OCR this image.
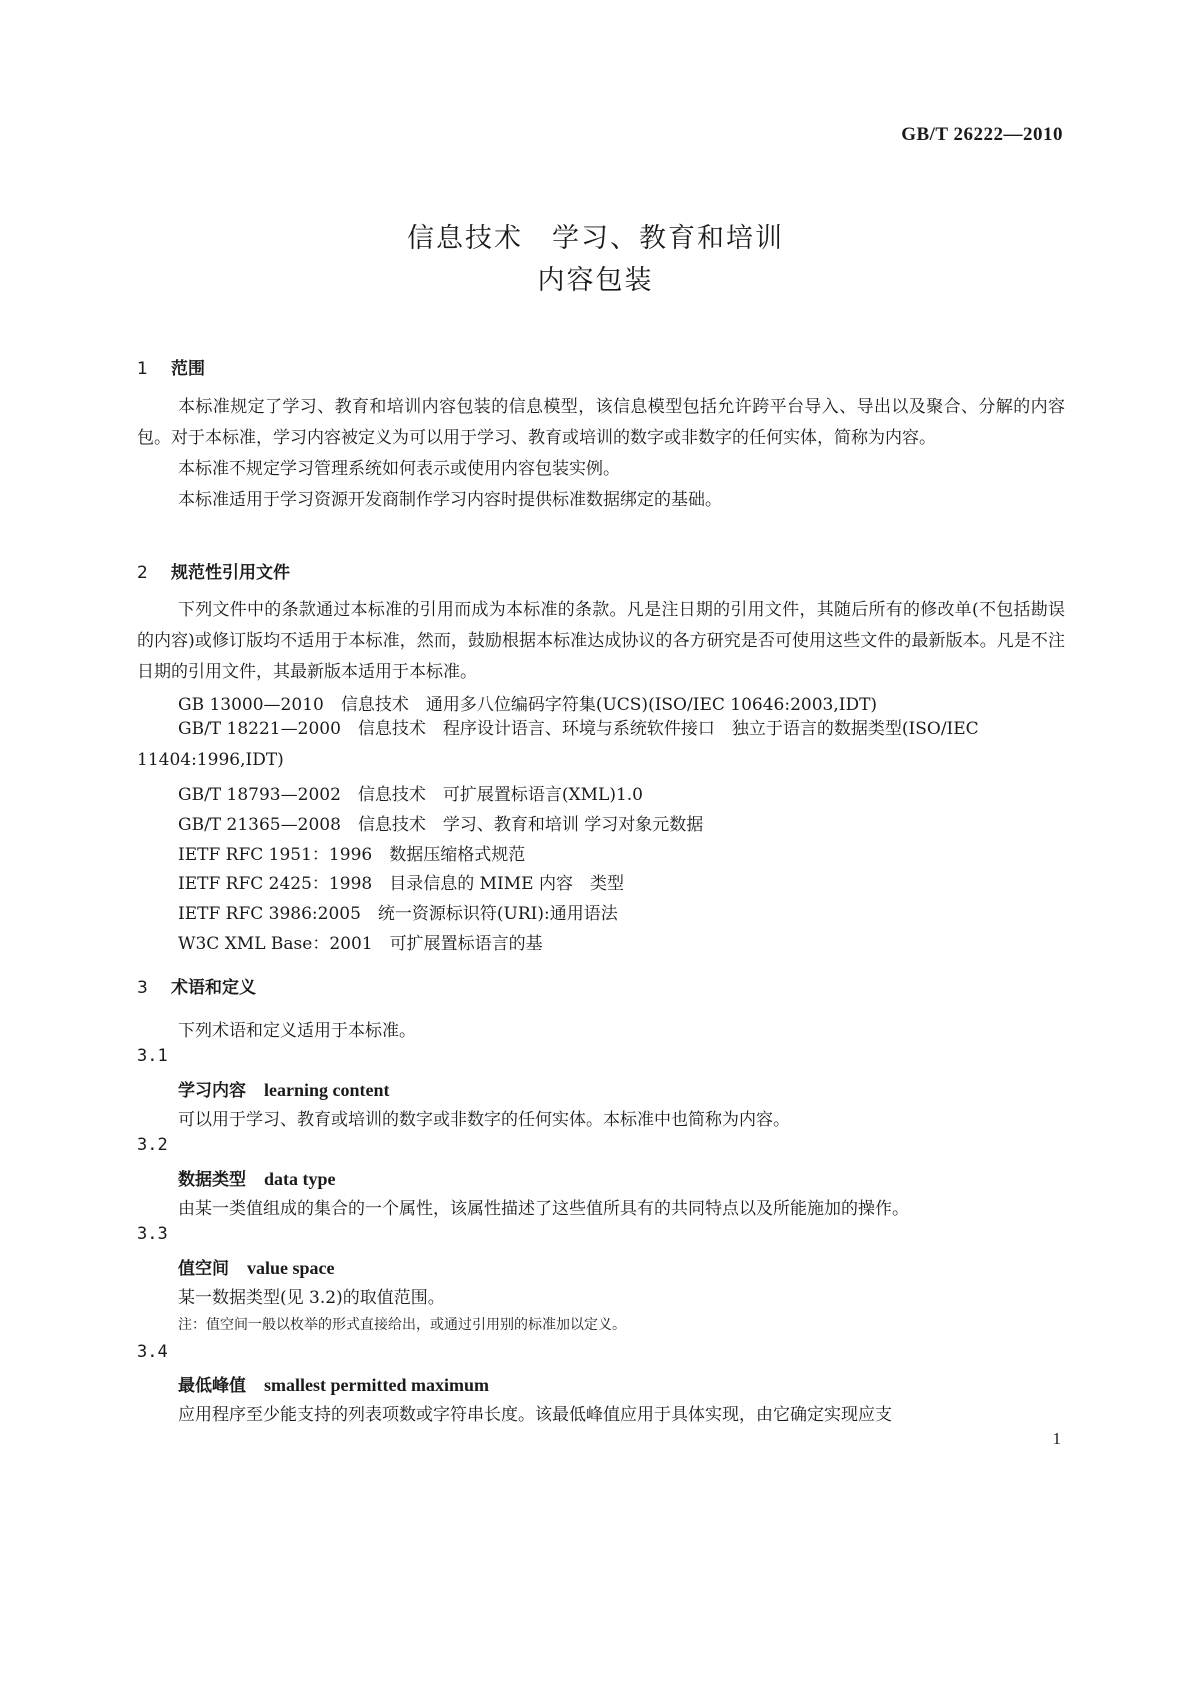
GB/T 26222—2010
信息技术　学习、教育和培训
内容包装
1 范围

本标准规定了学习、教育和培训内容包装的信息模型，该信息模型包括允许跨平台导入、导出以及聚合、分解的内容包。对于本标准，学习内容被定义为可以用于学习、教育或培训的数字或非数字的任何实体，简称为内容。

本标准不规定学习管理系统如何表示或使用内容包装实例。

本标准适用于学习资源开发商制作学习内容时提供标准数据绑定的基础。

2 规范性引用文件

下列文件中的条款通过本标准的引用而成为本标准的条款。凡是注日期的引用文件，其随后所有的修改单(不包括勘误的内容)或修订版均不适用于本标准，然而，鼓励根据本标准达成协议的各方研究是否可使用这些文件的最新版本。凡是不注日期的引用文件，其最新版本适用于本标准。

GB 13000—2010　信息技术　通用多八位编码字符集(UCS)(ISO/IEC 10646:2003,IDT)

GB/T 18221—2000　信息技术　程序设计语言、环境与系统软件接口　独立于语言的数据类型(ISO/IEC 11404:1996,IDT)

GB/T 18793—2002　信息技术　可扩展置标语言(XML)1.0
GB/T 21365—2008　信息技术　学习、教育和培训 学习对象元数据
IETF RFC 1951：1996　数据压缩格式规范
IETF RFC 2425：1998　目录信息的 MIME 内容　类型
IETF RFC 3986:2005　统一资源标识符(URI):通用语法
W3C XML Base：2001　可扩展置标语言的基
3 术语和定义
下列术语和定义适用于本标准。
3.1
学习内容 learning content
可以用于学习、教育或培训的数字或非数字的任何实体。本标准中也简称为内容。
3.2
数据类型 data type
由某一类值组成的集合的一个属性，该属性描述了这些值所具有的共同特点以及所能施加的操作。
3.3
值空间 value space
某一数据类型(见 3.2)的取值范围。
注：值空间一般以枚举的形式直接给出，或通过引用别的标准加以定义。
3.4
最低峰值 smallest permitted maximum
应用程序至少能支持的列表项数或字符串长度。该最低峰值应用于具体实现，由它确定实现应支
1
